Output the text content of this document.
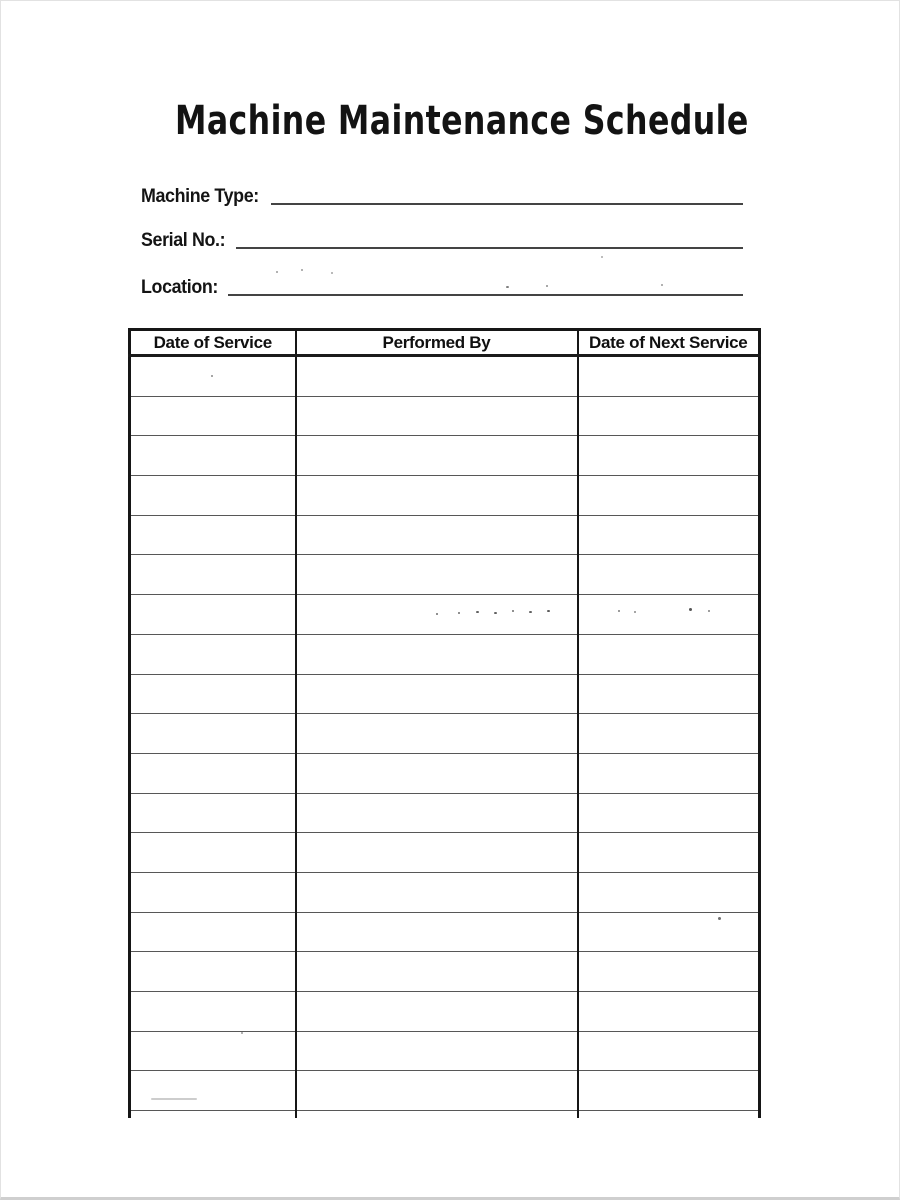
Machine Maintenance Schedule
Machine Type:
Serial No.:
Location:
Date of Service	Performed By	Date of Next Service
